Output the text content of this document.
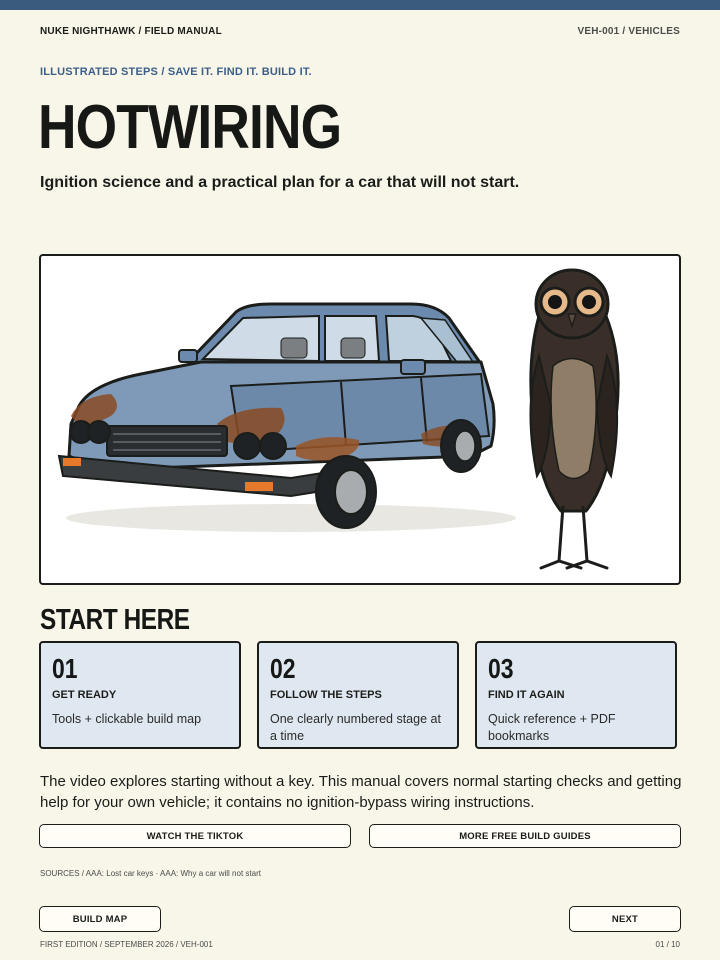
NUKE NIGHTHAWK / FIELD MANUAL	VEH-001 / VEHICLES
ILLUSTRATED STEPS / SAVE IT. FIND IT. BUILD IT.
HOTWIRING
Ignition science and a practical plan for a car that will not start.
START HERE
01
GET READY
Tools + clickable build map
02
FOLLOW THE STEPS
One clearly numbered stage at a time
03
FIND IT AGAIN
Quick reference + PDF bookmarks
The video explores starting without a key. This manual covers normal starting checks and getting help for your own vehicle; it contains no ignition-bypass wiring instructions.
WATCH THE TIKTOK	MORE FREE BUILD GUIDES
SOURCES / AAA: Lost car keys · AAA: Why a car will not start
BUILD MAP	NEXT
FIRST EDITION / SEPTEMBER 2026 / VEH-001	01 / 10
